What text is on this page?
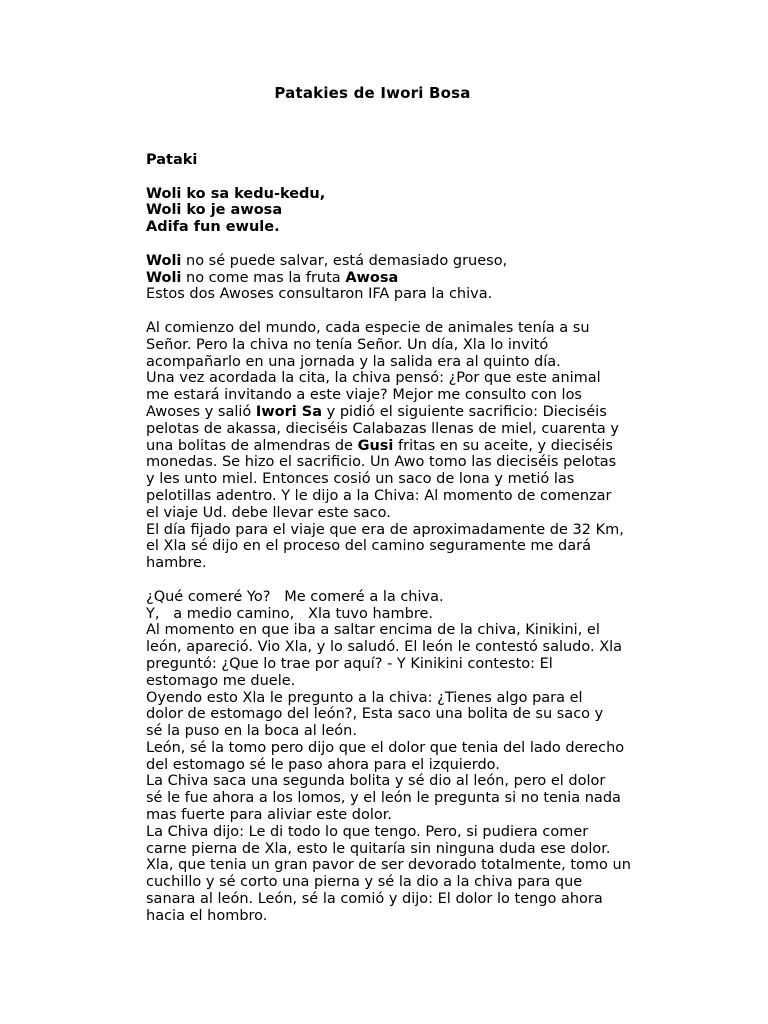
Patakies de Iwori Bosa

Pataki

Woli ko sa kedu-kedu,

Woli ko je awosa

Adifa fun ewule.

Woli no sé puede salvar, está demasiado grueso,

Woli no come mas la fruta Awosa

Estos dos Awoses consultaron IFA para la chiva.

Al comienzo del mundo, cada especie de animales tenía a su

Señor. Pero la chiva no tenía Señor. Un día, Xla lo invitó

acompañarlo en una jornada y la salida era al quinto día.

Una vez acordada la cita, la chiva pensó: ¿Por que este animal

me estará invitando a este viaje? Mejor me consulto con los

Awoses y salió Iwori Sa y pidió el siguiente sacrificio: Dieciséis

pelotas de akassa, dieciséis Calabazas llenas de miel, cuarenta y

una bolitas de almendras de Gusi fritas en su aceite, y dieciséis

monedas. Se hizo el sacrificio. Un Awo tomo las dieciséis pelotas

y les unto miel. Entonces cosió un saco de lona y metió las

pelotillas adentro. Y le dijo a la Chiva: Al momento de comenzar

el viaje Ud. debe llevar este saco.

El día fijado para el viaje que era de aproximadamente de 32 Km,

el Xla sé dijo en el proceso del camino seguramente me dará

hambre.

¿Qué comeré Yo?   Me comeré a la chiva.

Y,   a medio camino,   Xla tuvo hambre.

Al momento en que iba a saltar encima de la chiva, Kinikini, el

león, apareció. Vio Xla, y lo saludó. El león le contestó saludo. Xla

preguntó: ¿Que lo trae por aquí? - Y Kinikini contesto: El

estomago me duele.

Oyendo esto Xla le pregunto a la chiva: ¿Tienes algo para el

dolor de estomago del león?, Esta saco una bolita de su saco y

sé la puso en la boca al león.

León, sé la tomo pero dijo que el dolor que tenia del lado derecho

del estomago sé le paso ahora para el izquierdo.

La Chiva saca una segunda bolita y sé dio al león, pero el dolor

sé le fue ahora a los lomos, y el león le pregunta si no tenia nada

mas fuerte para aliviar este dolor.

La Chiva dijo: Le di todo lo que tengo. Pero, si pudiera comer

carne pierna de Xla, esto le quitaría sin ninguna duda ese dolor.

Xla, que tenia un gran pavor de ser devorado totalmente, tomo un

cuchillo y sé corto una pierna y sé la dio a la chiva para que

sanara al león. León, sé la comió y dijo: El dolor lo tengo ahora

hacia el hombro.
